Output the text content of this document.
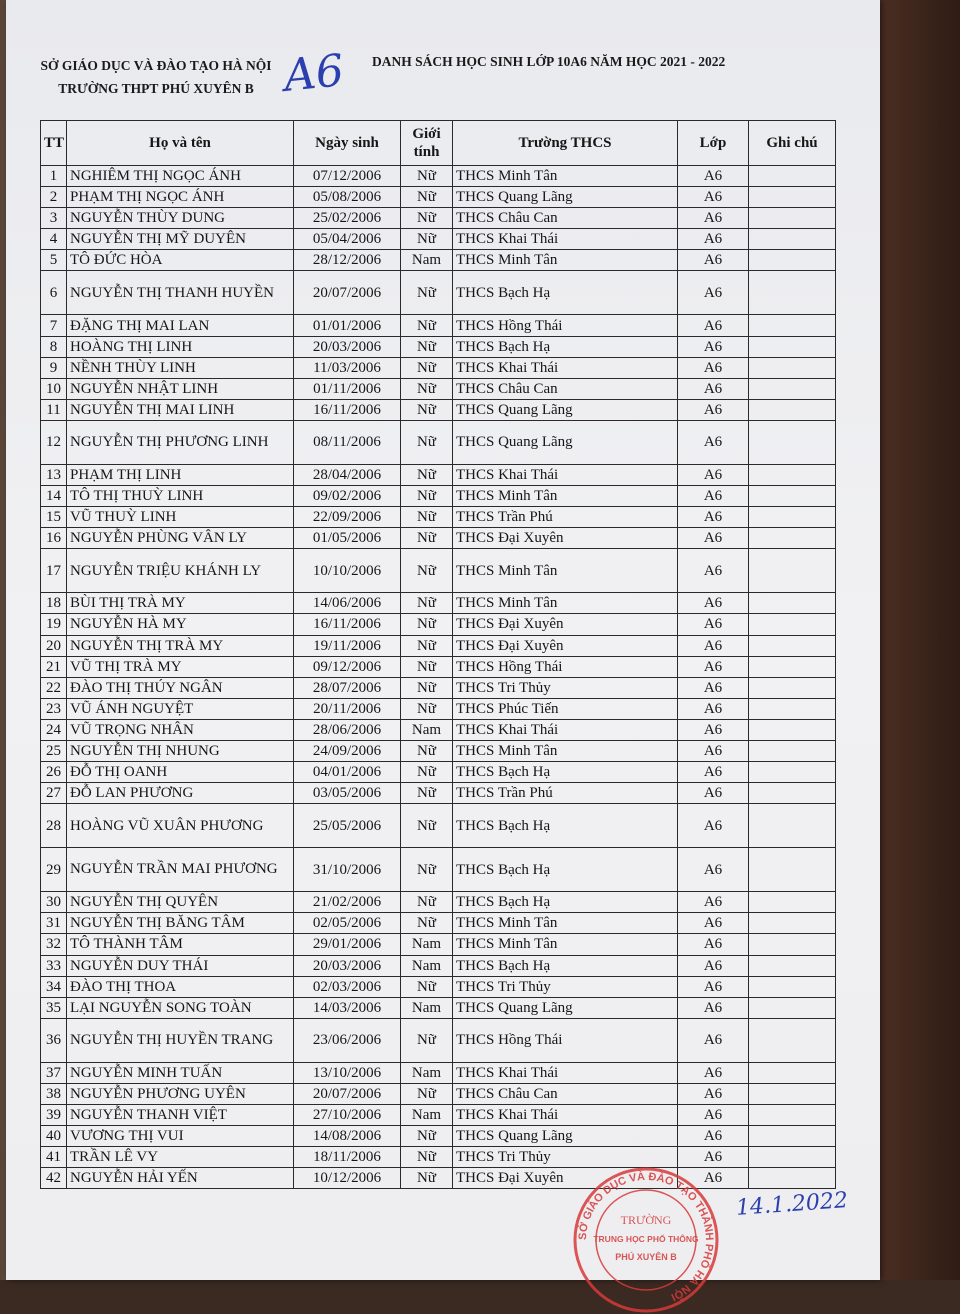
SỞ GIÁO DỤC VÀ ĐÀO TẠO HÀ NỘI
TRƯỜNG THPT PHÚ XUYÊN B A6 DANH SÁCH HỌC SINH LỚP 10A6 NĂM HỌC 2021 - 2022
TT	Họ và tên	Ngày sinh	Giới tính	Trường THCS	Lớp	Ghi chú
1	NGHIÊM THỊ NGỌC ÁNH	07/12/2006	Nữ	THCS Minh Tân	A6	
2	PHẠM THỊ NGỌC ÁNH	05/08/2006	Nữ	THCS Quang Lãng	A6	
3	NGUYỄN THÙY DUNG	25/02/2006	Nữ	THCS Châu Can	A6	
4	NGUYỄN THỊ MỸ DUYÊN	05/04/2006	Nữ	THCS Khai Thái	A6	
5	TÔ ĐỨC HÒA	28/12/2006	Nam	THCS Minh Tân	A6	
6	NGUYỄN THỊ THANH HUYỀN	20/07/2006	Nữ	THCS Bạch Hạ	A6	
7	ĐẶNG THỊ MAI LAN	01/01/2006	Nữ	THCS Hồng Thái	A6	
8	HOÀNG THỊ LINH	20/03/2006	Nữ	THCS Bạch Hạ	A6	
9	NỀNH THÙY LINH	11/03/2006	Nữ	THCS Khai Thái	A6	
10	NGUYỄN NHẬT LINH	01/11/2006	Nữ	THCS Châu Can	A6	
11	NGUYỄN THỊ MAI LINH	16/11/2006	Nữ	THCS Quang Lãng	A6	
12	NGUYỄN THỊ PHƯƠNG LINH	08/11/2006	Nữ	THCS Quang Lãng	A6	
13	PHẠM THỊ LINH	28/04/2006	Nữ	THCS Khai Thái	A6	
14	TÔ THỊ THUỲ LINH	09/02/2006	Nữ	THCS Minh Tân	A6	
15	VŨ THUỲ LINH	22/09/2006	Nữ	THCS Trần Phú	A6	
16	NGUYỄN PHÙNG VÂN LY	01/05/2006	Nữ	THCS Đại Xuyên	A6	
17	NGUYỄN TRIỆU KHÁNH LY	10/10/2006	Nữ	THCS Minh Tân	A6	
18	BÙI THỊ TRÀ MY	14/06/2006	Nữ	THCS Minh Tân	A6	
19	NGUYỄN HÀ MY	16/11/2006	Nữ	THCS Đại Xuyên	A6	
20	NGUYỄN THỊ TRÀ MY	19/11/2006	Nữ	THCS Đại Xuyên	A6	
21	VŨ THỊ TRÀ MY	09/12/2006	Nữ	THCS Hồng Thái	A6	
22	ĐÀO THỊ THÚY NGÂN	28/07/2006	Nữ	THCS Tri Thủy	A6	
23	VŨ ÁNH NGUYỆT	20/11/2006	Nữ	THCS Phúc Tiến	A6	
24	VŨ TRỌNG NHÂN	28/06/2006	Nam	THCS Khai Thái	A6	
25	NGUYỄN THỊ NHUNG	24/09/2006	Nữ	THCS Minh Tân	A6	
26	ĐỖ THỊ OANH	04/01/2006	Nữ	THCS Bạch Hạ	A6	
27	ĐỖ LAN PHƯƠNG	03/05/2006	Nữ	THCS Trần Phú	A6	
28	HOÀNG VŨ XUÂN PHƯƠNG	25/05/2006	Nữ	THCS Bạch Hạ	A6	
29	NGUYỄN TRẦN MAI PHƯƠNG	31/10/2006	Nữ	THCS Bạch Hạ	A6	
30	NGUYỄN THỊ QUYÊN	21/02/2006	Nữ	THCS Bạch Hạ	A6	
31	NGUYỄN THỊ BĂNG TÂM	02/05/2006	Nữ	THCS Minh Tân	A6	
32	TÔ THÀNH TÂM	29/01/2006	Nam	THCS Minh Tân	A6	
33	NGUYỄN DUY THÁI	20/03/2006	Nam	THCS Bạch Hạ	A6	
34	ĐÀO THỊ THOA	02/03/2006	Nữ	THCS Tri Thủy	A6	
35	LẠI NGUYỄN SONG TOÀN	14/03/2006	Nam	THCS Quang Lãng	A6	
36	NGUYỄN THỊ HUYỀN TRANG	23/06/2006	Nữ	THCS Hồng Thái	A6	
37	NGUYỄN MINH TUẤN	13/10/2006	Nam	THCS Khai Thái	A6	
38	NGUYỄN PHƯƠNG UYÊN	20/07/2006	Nữ	THCS Châu Can	A6	
39	NGUYỄN THANH VIỆT	27/10/2006	Nam	THCS Khai Thái	A6	
40	VƯƠNG THỊ VUI	14/08/2006	Nữ	THCS Quang Lãng	A6	
41	TRẦN LÊ VY	18/11/2006	Nữ	THCS Tri Thủy	A6	
42	NGUYỄN HẢI YẾN	10/12/2006	Nữ	THCS Đại Xuyên	A6	
SỞ GIÁO DỤC VÀ ĐÀO TẠO THÀNH PHỐ HÀ NỘI
TRƯỜNG
TRUNG HỌC PHỔ THÔNG
PHÚ XUYÊN B
14.1.2022
